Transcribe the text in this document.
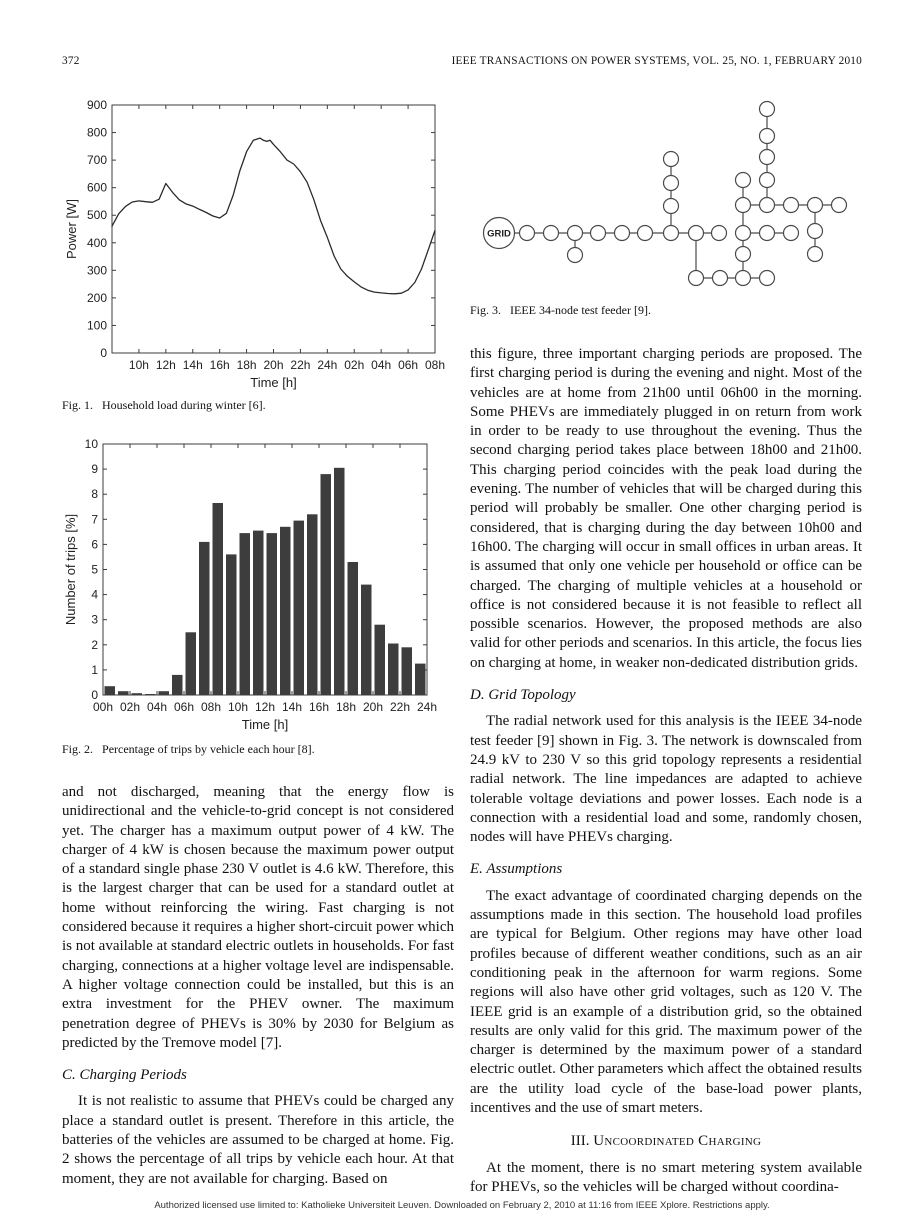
372	IEEE TRANSACTIONS ON POWER SYSTEMS, VOL. 25, NO. 1, FEBRUARY 2010
0
100
200
300
400
500
600
700
800
900
10h 12h 14h 16h 18h 20h 22h 24h 02h 04h 06h 08h
Time [h]
Power [W]
Fig. 1. Household load during winter [6].
0
1
2
3
4
5
6
7
8
9
10
00h 02h 04h 06h 08h 10h 12h 14h 16h 18h 20h 22h 24h
Time [h]
Number of trips [%]
Fig. 2. Percentage of trips by vehicle each hour [8].
GRID
Fig. 3. IEEE 34-node test feeder [9].

and not discharged, meaning that the energy flow is unidirectional and the vehicle-to-grid concept is not considered yet. The charger has a maximum output power of 4 kW. The charger of 4 kW is chosen because the maximum power output of a standard single phase 230 V outlet is 4.6 kW. Therefore, this is the largest charger that can be used for a standard outlet at home without reinforcing the wiring. Fast charging is not considered because it requires a higher short-circuit power which is not available at standard electric outlets in households. For fast charging, connections at a higher voltage level are indispensable. A higher voltage connection could be installed, but this is an extra investment for the PHEV owner. The maximum penetration degree of PHEVs is 30% by 2030 for Belgium as predicted by the Tremove model [7].

C. Charging Periods

It is not realistic to assume that PHEVs could be charged any place a standard outlet is present. Therefore in this article, the batteries of the vehicles are assumed to be charged at home. Fig. 2 shows the percentage of all trips by vehicle each hour. At that moment, they are not available for charging. Based on

this figure, three important charging periods are proposed. The first charging period is during the evening and night. Most of the vehicles are at home from 21h00 until 06h00 in the morning. Some PHEVs are immediately plugged in on return from work in order to be ready to use throughout the evening. Thus the second charging period takes place between 18h00 and 21h00. This charging period coincides with the peak load during the evening. The number of vehicles that will be charged during this period will probably be smaller. One other charging period is considered, that is charging during the day between 10h00 and 16h00. The charging will occur in small offices in urban areas. It is assumed that only one vehicle per household or office can be charged. The charging of multiple vehicles at a household or office is not considered because it is not feasible to reflect all possible scenarios. However, the proposed methods are also valid for other periods and scenarios. In this article, the focus lies on charging at home, in weaker non-dedicated distribution grids.

D. Grid Topology

The radial network used for this analysis is the IEEE 34-node test feeder [9] shown in Fig. 3. The network is downscaled from 24.9 kV to 230 V so this grid topology represents a residential radial network. The line impedances are adapted to achieve tolerable voltage deviations and power losses. Each node is a connection with a residential load and some, randomly chosen, nodes will have PHEVs charging.

E. Assumptions

The exact advantage of coordinated charging depends on the assumptions made in this section. The household load profiles are typical for Belgium. Other regions may have other load profiles because of different weather conditions, such as an air conditioning peak in the afternoon for warm regions. Some regions will also have other grid voltages, such as 120 V. The IEEE grid is an example of a distribution grid, so the obtained results are only valid for this grid. The maximum power of the charger is determined by the maximum power of a standard electric outlet. Other parameters which affect the obtained results are the utility load cycle of the base-load power plants, incentives and the use of smart meters.

III. Uncoordinated Charging

At the moment, there is no smart metering system available for PHEVs, so the vehicles will be charged without coordina-

Authorized licensed use limited to: Katholieke Universiteit Leuven. Downloaded on February 2, 2010 at 11:16 from IEEE Xplore. Restrictions apply.
